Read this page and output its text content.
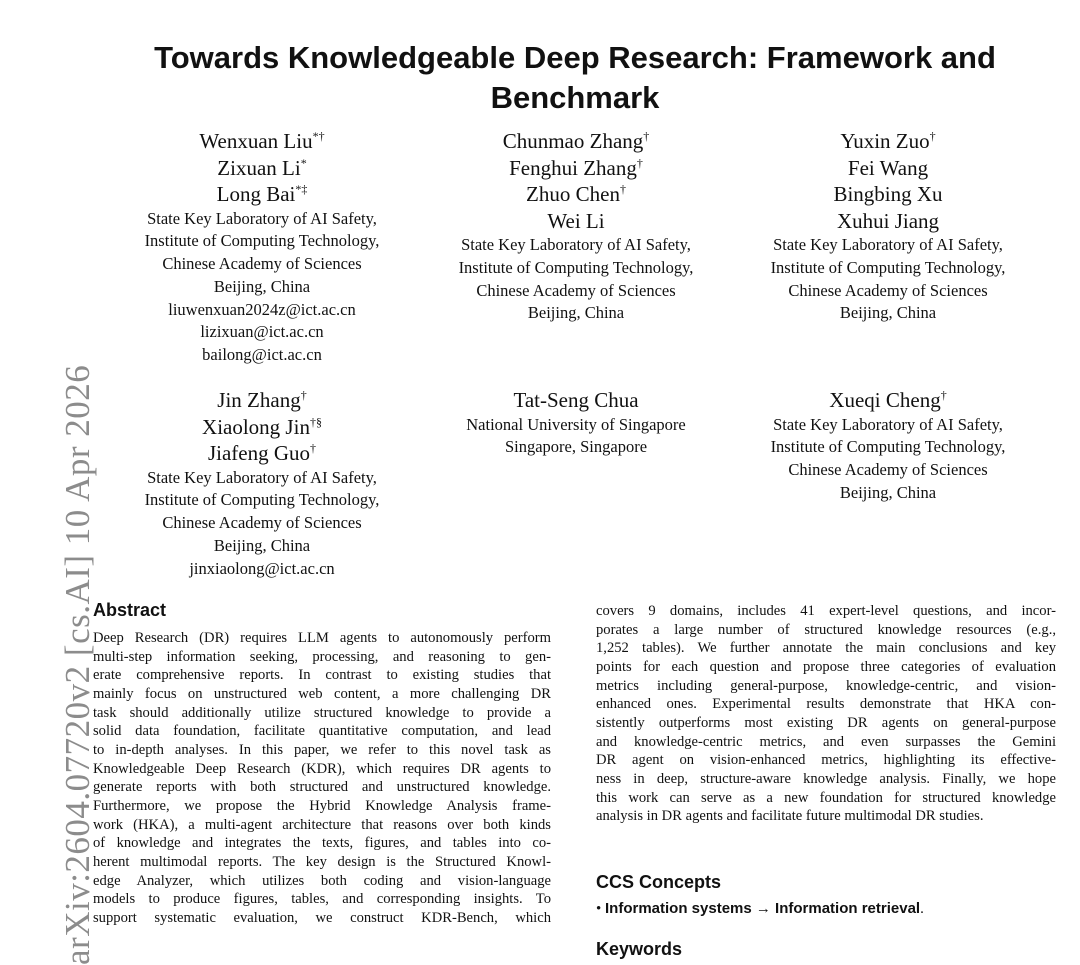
arXiv:2604.07720v2 [cs.AI] 10 Apr 2026
Towards Knowledgeable Deep Research: Framework and Benchmark
Wenxuan Liu*†
Zixuan Li*
Long Bai*‡
State Key Laboratory of AI Safety,
Institute of Computing Technology,
Chinese Academy of Sciences
Beijing, China
liuwenxuan2024z@ict.ac.cn
lizixuan@ict.ac.cn
bailong@ict.ac.cn
Chunmao Zhang†
Fenghui Zhang†
Zhuo Chen†
Wei Li
State Key Laboratory of AI Safety,
Institute of Computing Technology,
Chinese Academy of Sciences
Beijing, China
Yuxin Zuo†
Fei Wang
Bingbing Xu
Xuhui Jiang
State Key Laboratory of AI Safety,
Institute of Computing Technology,
Chinese Academy of Sciences
Beijing, China
Jin Zhang†
Xiaolong Jin†§
Jiafeng Guo†
State Key Laboratory of AI Safety,
Institute of Computing Technology,
Chinese Academy of Sciences
Beijing, China
jinxiaolong@ict.ac.cn
Tat-Seng Chua
National University of Singapore
Singapore, Singapore
Xueqi Cheng†
State Key Laboratory of AI Safety,
Institute of Computing Technology,
Chinese Academy of Sciences
Beijing, China
Abstract

Deep Research (DR) requires LLM agents to autonomously perform

multi-step information seeking, processing, and reasoning to gen-

erate comprehensive reports. In contrast to existing studies that

mainly focus on unstructured web content, a more challenging DR

task should additionally utilize structured knowledge to provide a

solid data foundation, facilitate quantitative computation, and lead

to in-depth analyses. In this paper, we refer to this novel task as

Knowledgeable Deep Research (KDR), which requires DR agents to

generate reports with both structured and unstructured knowledge.

Furthermore, we propose the Hybrid Knowledge Analysis frame-

work (HKA), a multi-agent architecture that reasons over both kinds

of knowledge and integrates the texts, figures, and tables into co-

herent multimodal reports. The key design is the Structured Knowl-

edge Analyzer, which utilizes both coding and vision-language

models to produce figures, tables, and corresponding insights. To

support systematic evaluation, we construct KDR-Bench, which

covers 9 domains, includes 41 expert-level questions, and incor-

porates a large number of structured knowledge resources (e.g.,

1,252 tables). We further annotate the main conclusions and key

points for each question and propose three categories of evaluation

metrics including general-purpose, knowledge-centric, and vision-

enhanced ones. Experimental results demonstrate that HKA con-

sistently outperforms most existing DR agents on general-purpose

and knowledge-centric metrics, and even surpasses the Gemini

DR agent on vision-enhanced metrics, highlighting its effective-

ness in deep, structure-aware knowledge analysis. Finally, we hope

this work can serve as a new foundation for structured knowledge

analysis in DR agents and facilitate future multimodal DR studies.

CCS Concepts
• Information systems → Information retrieval.
Keywords
